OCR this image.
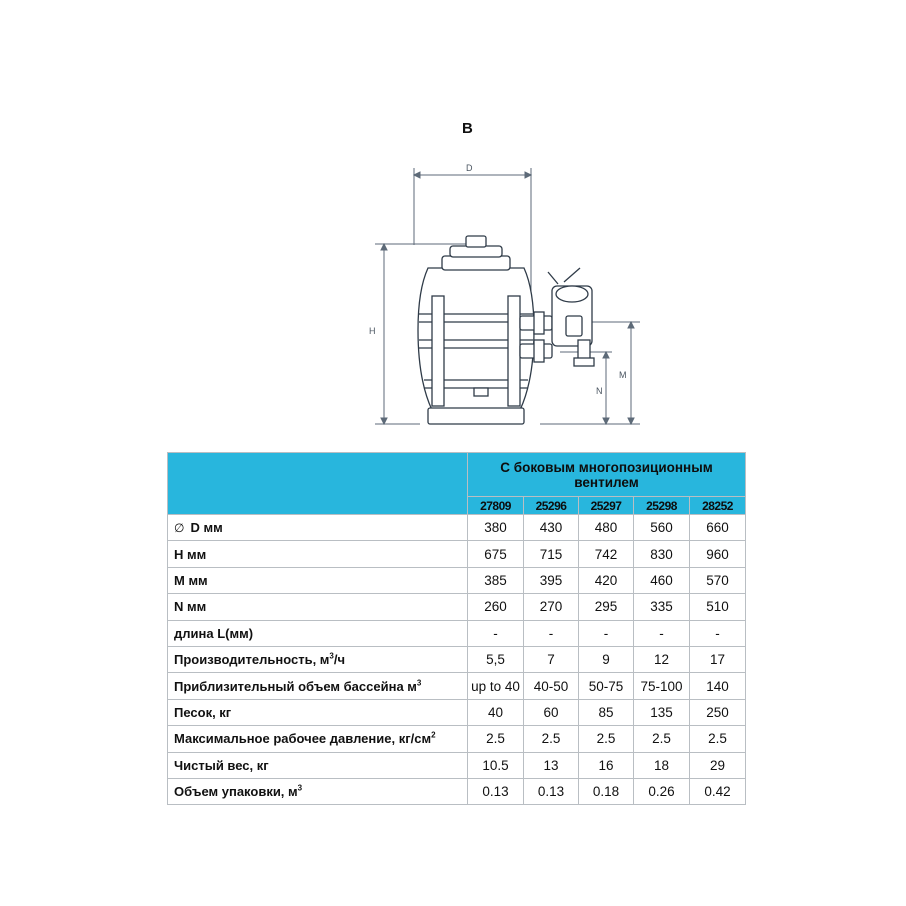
B
D
H
M
N
	С боковым многопозиционным вентилем				
	27809	25296	25297	25298	28252
∅ D мм	380	430	480	560	660
H мм	675	715	742	830	960
M мм	385	395	420	460	570
N мм	260	270	295	335	510
длина L(мм)	-	-	-	-	-
Производительность, $м^3/ч$	5,5	7	9	12	17
Приблизительный объем бассейна $м^3$	up to 40	40-50	50-75	75-100	140
Песок, кг	40	60	85	135	250
Максимальное рабочее давление, $кг/см^2$	2.5	2.5	2.5	2.5	2.5
Чистый вес, кг	10.5	13	16	18	29
Объем упаковки, $м^3$	0.13	0.13	0.18	0.26	0.42
